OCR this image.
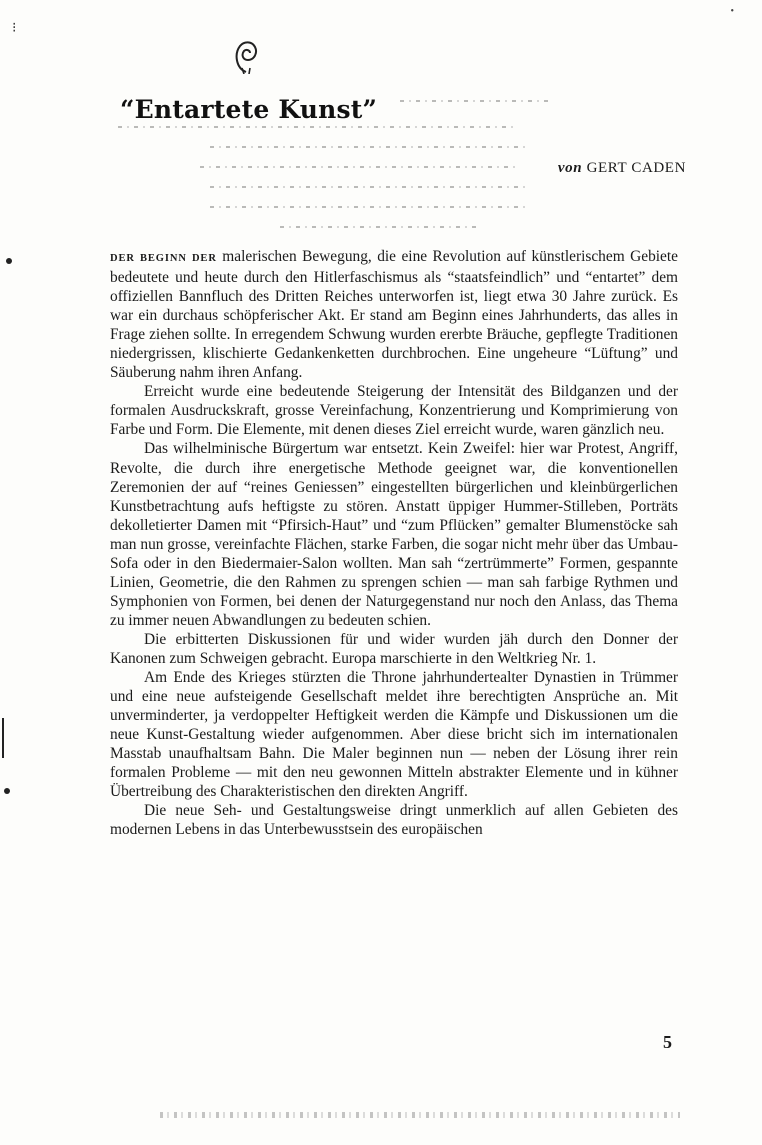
⁝
•
“Entartete Kunst”
von GERT CADEN

DER BEGINN DER malerischen Bewegung, die eine Revolution auf künstlerischem Gebiete bedeutete und heute durch den Hitlerfaschismus als “staatsfeindlich” und “entartet” dem offiziellen Bannfluch des Dritten Reiches unterworfen ist, liegt etwa 30 Jahre zurück. Es war ein durchaus schöpferischer Akt. Er stand am Beginn eines Jahrhunderts, das alles in Frage ziehen sollte. In erregendem Schwung wurden ererbte Bräuche, gepflegte Traditionen niedergrissen, klischierte Gedankenketten durchbrochen. Eine ungeheure “Lüftung” und Säuberung nahm ihren Anfang.

Erreicht wurde eine bedeutende Steigerung der Intensität des Bildganzen und der formalen Ausdruckskraft, grosse Vereinfachung, Konzentrierung und Komprimierung von Farbe und Form. Die Elemente, mit denen dieses Ziel erreicht wurde, waren gänzlich neu.

Das wilhelminische Bürgertum war entsetzt. Kein Zweifel: hier war Protest, Angriff, Revolte, die durch ihre energetische Methode geeignet war, die konventionellen Zeremonien der auf “reines Geniessen” eingestellten bürgerlichen und kleinbürgerlichen Kunstbetrachtung aufs heftigste zu stören. Anstatt üppiger Hummer-Stilleben, Porträts dekolletierter Damen mit “Pfirsich-Haut” und “zum Pflücken” gemalter Blumenstöcke sah man nun grosse, vereinfachte Flächen, starke Farben, die sogar nicht mehr über das Umbau-Sofa oder in den Biedermaier-Salon wollten. Man sah “zertrümmerte” Formen, gespannte Linien, Geometrie, die den Rahmen zu sprengen schien — man sah farbige Rythmen und Symphonien von Formen, bei denen der Naturgegenstand nur noch den Anlass, das Thema zu immer neuen Abwandlungen zu bedeuten schien.

Die erbitterten Diskussionen für und wider wurden jäh durch den Donner der Kanonen zum Schweigen gebracht. Europa marschierte in den Weltkrieg Nr. 1.

Am Ende des Krieges stürzten die Throne jahrhundertealter Dynastien in Trümmer und eine neue aufsteigende Gesellschaft meldet ihre berechtigten Ansprüche an. Mit unverminderter, ja verdoppelter Heftigkeit werden die Kämpfe und Diskussionen um die neue Kunst-Gestaltung wieder aufgenommen. Aber diese bricht sich im internationalen Masstab unaufhaltsam Bahn. Die Maler beginnen nun — neben der Lösung ihrer rein formalen Probleme — mit den neu gewonnen Mitteln abstrakter Elemente und in kühner Übertreibung des Charakteristischen den direkten Angriff.

Die neue Seh- und Gestaltungsweise dringt unmerklich auf allen Gebieten des modernen Lebens in das Unterbewusstsein des europäischen

5
